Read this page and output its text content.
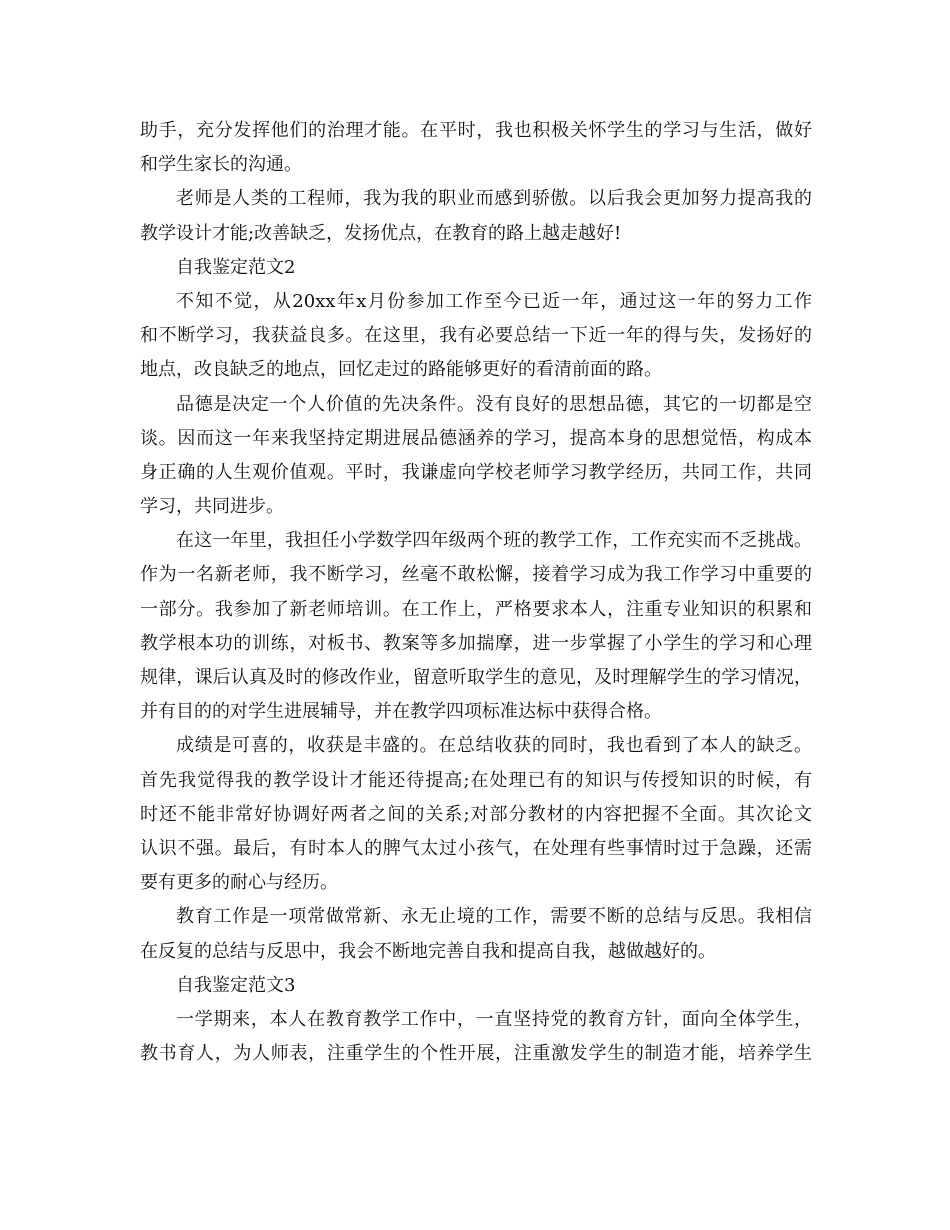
助手，充分发挥他们的治理才能。在平时，我也积极关怀学生的学习与生活，做好
和学生家长的沟通。
老师是人类的工程师，我为我的职业而感到骄傲。以后我会更加努力提高我的
教学设计才能;改善缺乏，发扬优点，在教育的路上越走越好!
自我鉴定范文2
不知不觉，从20xx年x月份参加工作至今已近一年，通过这一年的努力工作
和不断学习，我获益良多。在这里，我有必要总结一下近一年的得与失，发扬好的
地点，改良缺乏的地点，回忆走过的路能够更好的看清前面的路。
品德是决定一个人价值的先决条件。没有良好的思想品德，其它的一切都是空
谈。因而这一年来我坚持定期进展品德涵养的学习，提高本身的思想觉悟，构成本
身正确的人生观价值观。平时，我谦虚向学校老师学习教学经历，共同工作，共同
学习，共同进步。
在这一年里，我担任小学数学四年级两个班的教学工作，工作充实而不乏挑战。
作为一名新老师，我不断学习，丝毫不敢松懈，接着学习成为我工作学习中重要的
一部分。我参加了新老师培训。在工作上，严格要求本人，注重专业知识的积累和
教学根本功的训练，对板书、教案等多加揣摩，进一步掌握了小学生的学习和心理
规律，课后认真及时的修改作业，留意听取学生的意见，及时理解学生的学习情况，
并有目的的对学生进展辅导，并在教学四项标准达标中获得合格。
成绩是可喜的，收获是丰盛的。在总结收获的同时，我也看到了本人的缺乏。
首先我觉得我的教学设计才能还待提高;在处理已有的知识与传授知识的时候，有
时还不能非常好协调好两者之间的关系;对部分教材的内容把握不全面。其次论文
认识不强。最后，有时本人的脾气太过小孩气，在处理有些事情时过于急躁，还需
要有更多的耐心与经历。
教育工作是一项常做常新、永无止境的工作，需要不断的总结与反思。我相信
在反复的总结与反思中，我会不断地完善自我和提高自我，越做越好的。
自我鉴定范文3
一学期来，本人在教育教学工作中，一直坚持党的教育方针，面向全体学生，
教书育人，为人师表，注重学生的个性开展，注重激发学生的制造才能，培养学生
